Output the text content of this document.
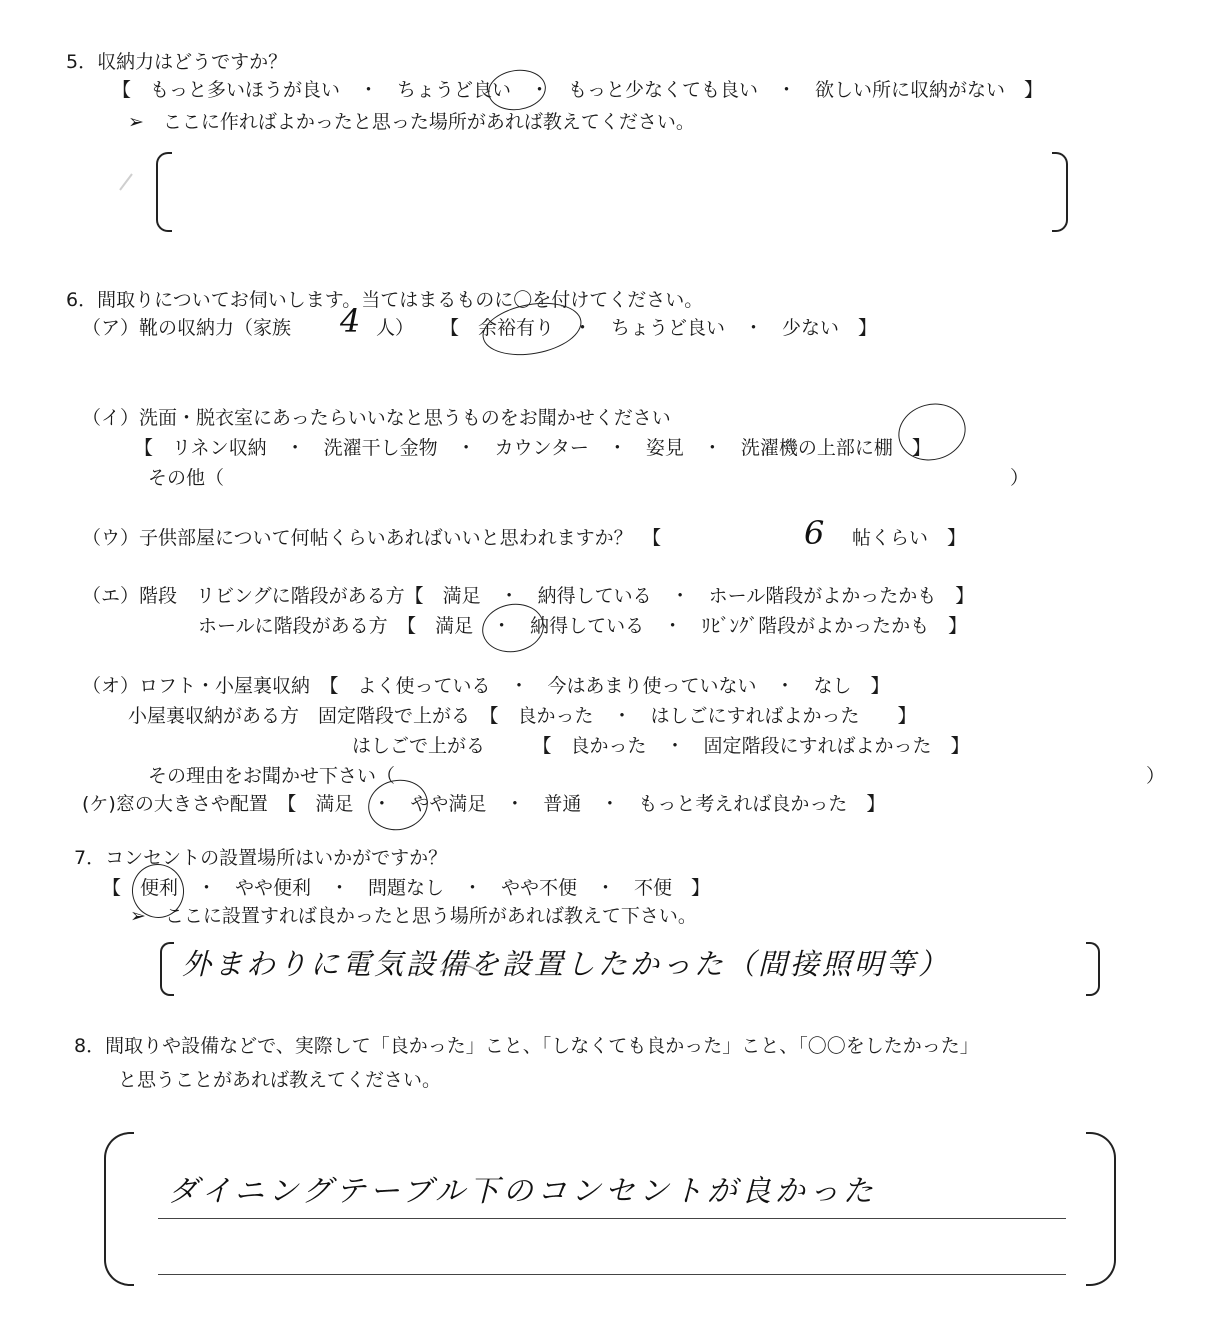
5．収納力はどうですか？
【　もっと多いほうが良い　・　ちょうど良い　・　もっと少なくても良い　・　欲しい所に収納がない　】
➢　ここに作ればよかったと思った場所があれば教えてください。
6．間取りについてお伺いします。当てはまるものに〇を付けてください。
（ア）靴の収納力（家族 4 人） 【　余裕有り　・　ちょうど良い　・　少ない　】
（イ）洗面・脱衣室にあったらいいなと思うものをお聞かせください
【　リネン収納　・　洗濯干し金物　・　カウンター　・　姿見　・　洗濯機の上部に棚　】
その他（	）
（ウ）子供部屋について何帖くらいあればいいと思われますか？　【	6 帖くらい　】
（エ）階段　リビングに階段がある方【　満足　・　納得している　・　ホール階段がよかったかも　】
ホールに階段がある方　【　満足　・　納得している　・　ﾘﾋﾞﾝｸﾞ階段がよかったかも　】
（オ）ロフト・小屋裏収納　【　よく使っている　・　今はあまり使っていない　・　なし　】
小屋裏収納がある方　固定階段で上がる　【　良かった　・　はしごにすればよかった　　】
はしごで上がる　　　【　良かった　・　固定階段にすればよかった　】
その理由をお聞かせ下さい（	）
(ケ)窓の大きさや配置　【　満足　・　やや満足　・　普通　・　もっと考えれば良かった　】
7．コンセントの設置場所はいかがですか？
【　便利　・　やや便利　・　問題なし　・　やや不便　・　不便　】
➢　ここに設置すれば良かったと思う場所があれば教えて下さい。
外まわりに電気設備を設置したかった（間接照明等）
8．間取りや設備などで、実際して「良かった」こと、「しなくても良かった」こと、「〇〇をしたかった」
と思うことがあれば教えてください。
ダイニングテーブル下のコンセントが良かった
